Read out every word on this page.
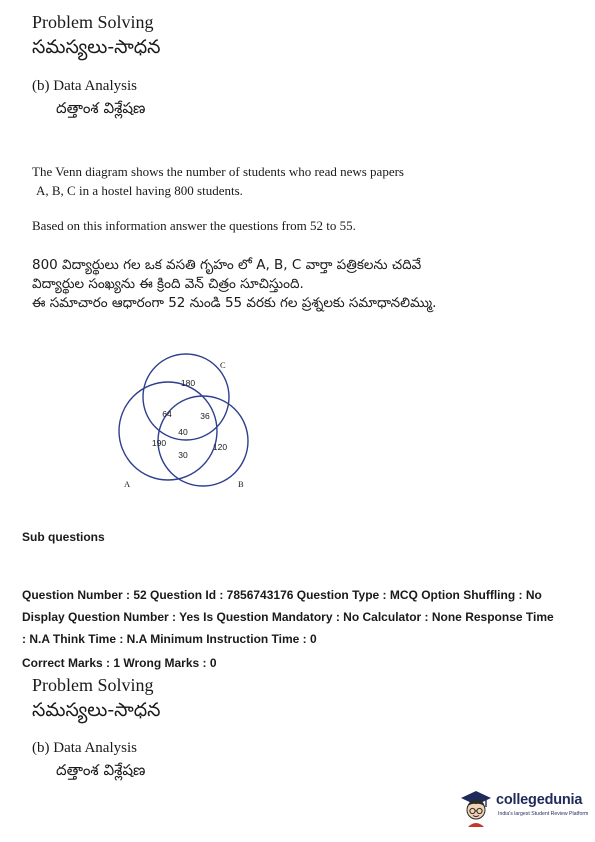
Problem Solving
సమస్యలు-సాధన
(b) Data Analysis
దత్తాంశ విశ్లేషణ
The Venn diagram shows the number of students who read news papers
A, B, C in a hostel having 800 students.
Based on this information answer the questions from 52 to 55.
800 విద్యార్థులు గల ఒక వసతి గృహం లో A, B, C వార్తా పత్రికలను చదివే
విద్యార్థుల సంఖ్యను ఈ క్రింది వెన్ చిత్రం సూచిస్తుంది.
ఈ సమాచారం ఆధారంగా 52 నుండి 55 వరకు గల ప్రశ్నలకు సమాధానలిమ్ము.
180
64	36
40
190
30
120
A	B
C
Sub questions
Question Number : 52 Question Id : 7856743176 Question Type : MCQ Option Shuffling : No
Display Question Number : Yes Is Question Mandatory : No Calculator : None Response Time
: N.A Think Time : N.A Minimum Instruction Time : 0
Correct Marks : 1 Wrong Marks : 0
Problem Solving
సమస్యలు-సాధన
(b) Data Analysis
దత్తాంశ విశ్లేషణ
collegedunia
India's largest Student Review Platform
